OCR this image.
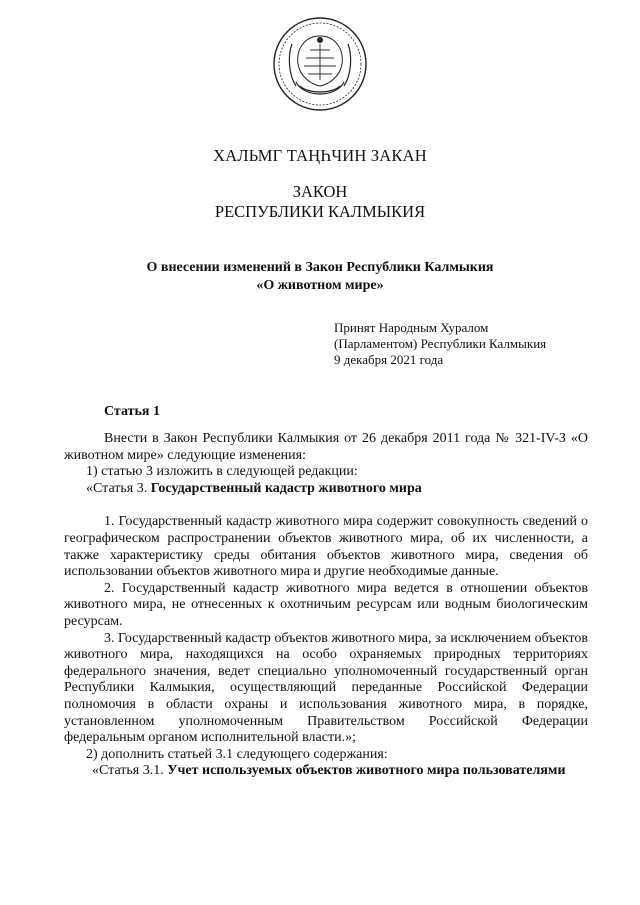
ХАЛЬМГ ТАҢҺЧИН ЗАКАН
ЗАКОН
РЕСПУБЛИКИ КАЛМЫКИЯ
О внесении изменений в Закон Республики Калмыкия
«О животном мире»
Принят Народным Хуралом
(Парламентом) Республики Калмыкия
9 декабря 2021 года
Статья 1

Внести в Закон Республики Калмыкия от 26 декабря 2011 года № 321-IV-З «О животном мире» следующие изменения:

1) статью 3 изложить в следующей редакции:

«Статья 3. Государственный кадастр животного мира

1. Государственный кадастр животного мира содержит совокупность сведений о географическом распространении объектов животного мира, об их численности, а также характеристику среды обитания объектов животного мира, сведения об использовании объектов животного мира и другие необходимые данные.

2. Государственный кадастр животного мира ведется в отношении объектов животного мира, не отнесенных к охотничьим ресурсам или водным биологическим ресурсам.

3. Государственный кадастр объектов животного мира, за исключением объектов животного мира, находящихся на особо охраняемых природных территориях федерального значения, ведет специально уполномоченный государственный орган Республики Калмыкия, осуществляющий переданные Российской Федерации полномочия в области охраны и использования животного мира, в порядке, установленном уполномоченным Правительством Российской Федерации федеральным органом исполнительной власти.»;

2) дополнить статьей 3.1 следующего содержания:

«Статья 3.1. Учет используемых объектов животного мира пользователями
